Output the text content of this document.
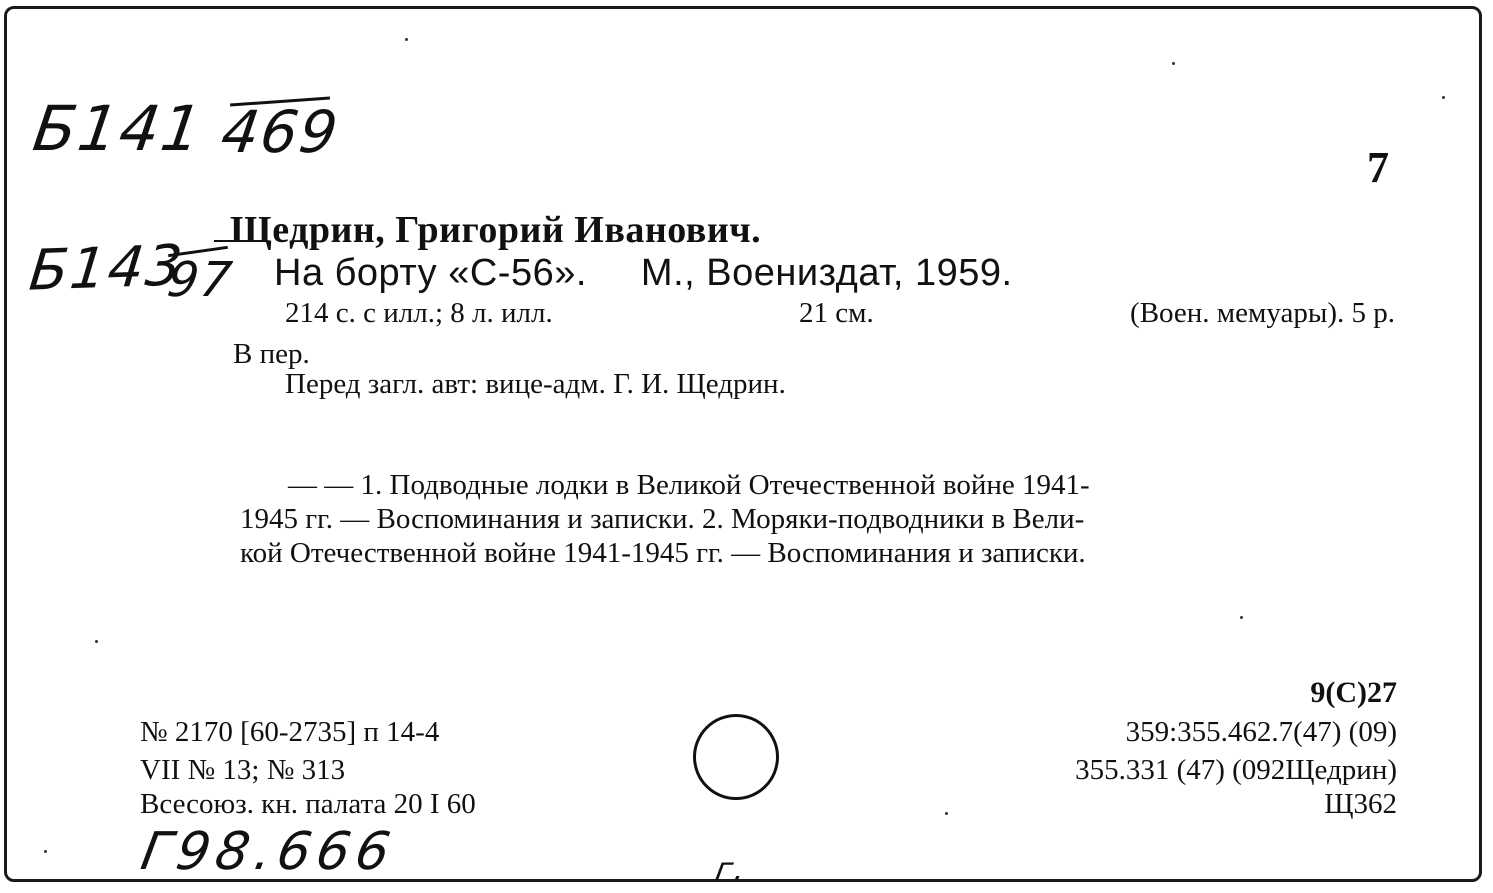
Б141 469
Б143
97
7
Щедрин, Григорий Иванович.
На борту «С-56». М., Воениздат, 1959.
214 с. с илл.; 8 л. илл.	21 см.	(Воен. мемуары). 5 р.
В пер.
Перед загл. авт: вице-адм. Г. И. Щедрин.
— — 1. Подводные лодки в Великой Отечественной войне 1941-
1945 гг. — Воспоминания и записки. 2. Моряки-подводники в Вели-
кой Отечественной войне 1941-1945 гг. — Воспоминания и записки.
№ 2170 [60-2735] п 14-4
VII № 13; № 313
Всесоюз. кн. палата 20 I 60
9(C)27
359:355.462.7(47) (09)
355.331 (47) (092Щедрин)
Щ362
Г98.666	г.
